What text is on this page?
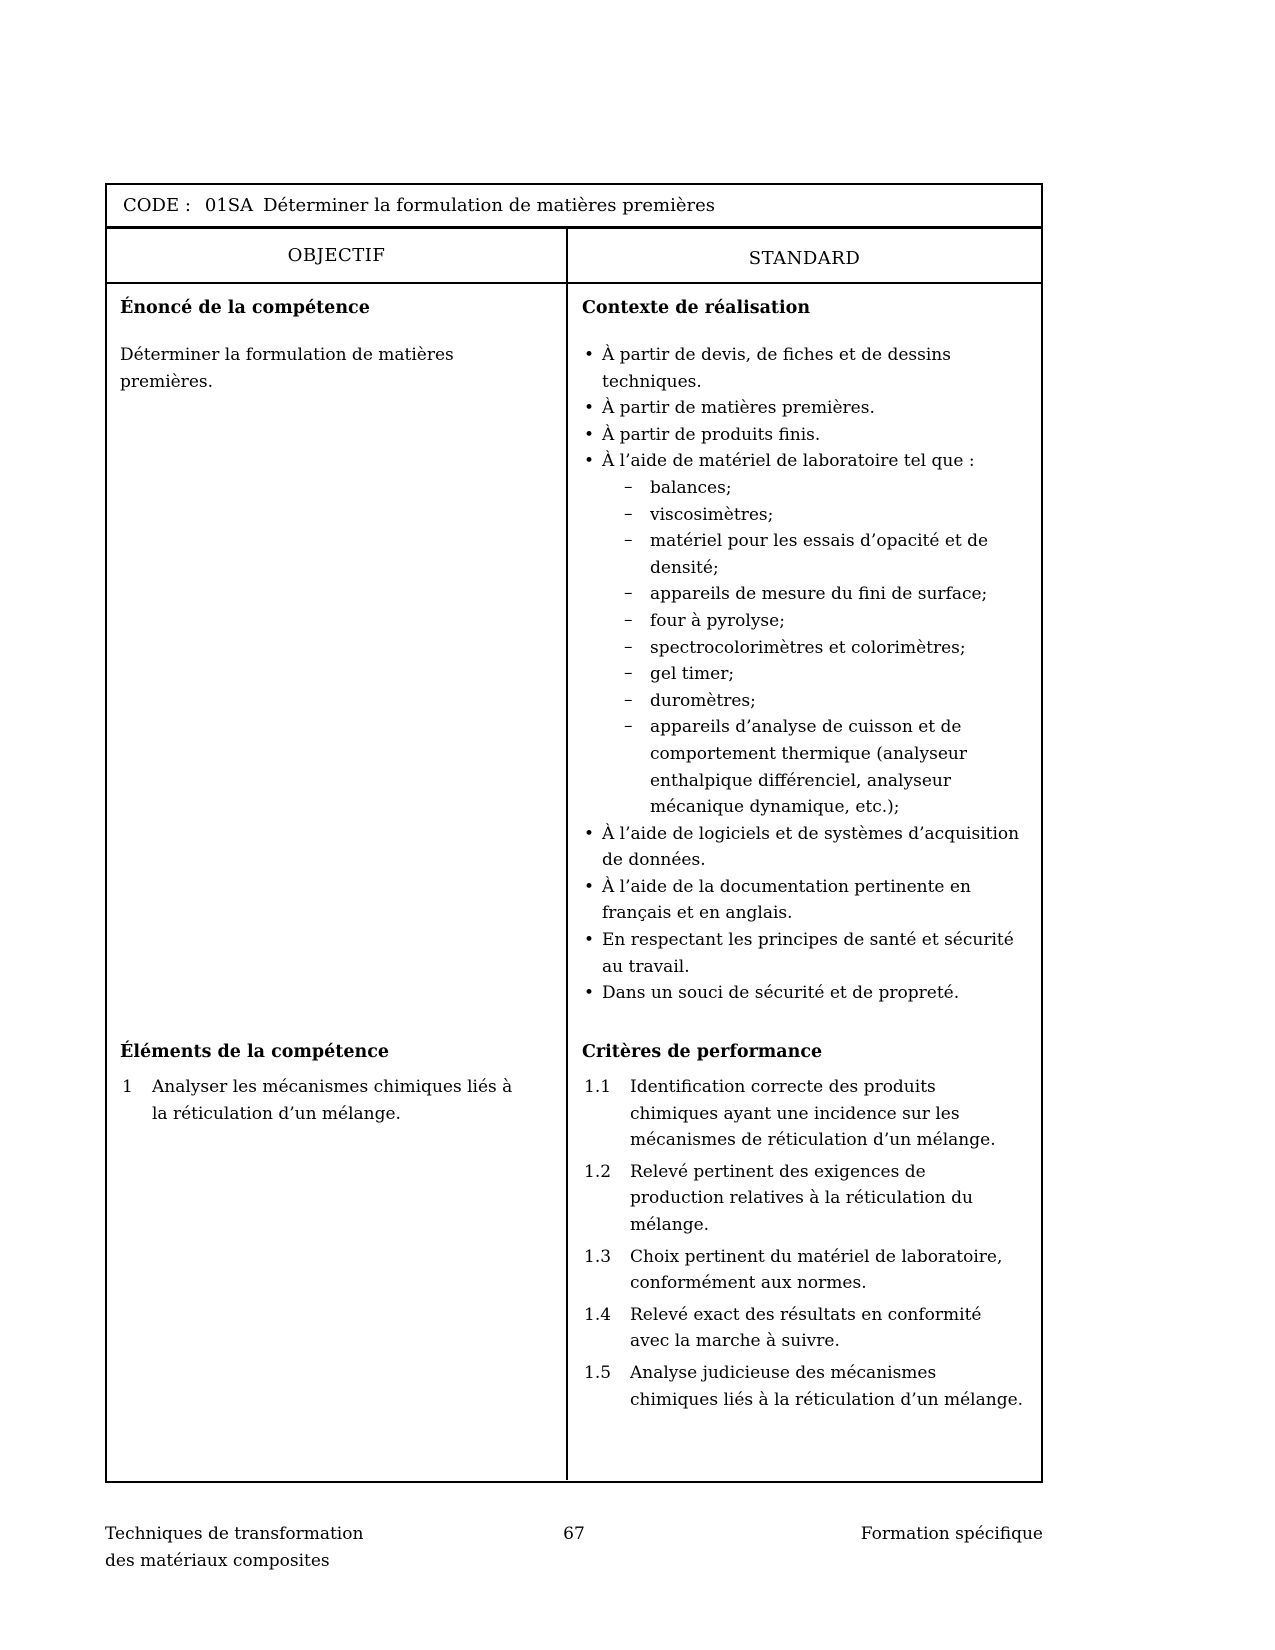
CODE : 01SA Déterminer la formulation de matières premières
OBJECTIF	STANDARD
Énoncé de la compétence
Déterminer la formulation de matières premières.
Éléments de la compétence
1 Analyser les mécanismes chimiques liés à la réticulation d’un mélange.
Contexte de réalisation
• À partir de devis, de fiches et de dessins techniques.
• À partir de matières premières.
• À partir de produits finis.
• À l’aide de matériel de laboratoire tel que :
– balances;
– viscosimètres;
– matériel pour les essais d’opacité et de densité;
– appareils de mesure du fini de surface;
– four à pyrolyse;
– spectrocolorimètres et colorimètres;
– gel timer;
– duromètres;
– appareils d’analyse de cuisson et de comportement thermique (analyseur enthalpique différenciel, analyseur mécanique dynamique, etc.);
• À l’aide de logiciels et de systèmes d’acquisition de données.
• À l’aide de la documentation pertinente en français et en anglais.
• En respectant les principes de santé et sécurité au travail.
• Dans un souci de sécurité et de propreté.
Critères de performance
1.1 Identification correcte des produits chimiques ayant une incidence sur les mécanismes de réticulation d’un mélange.
1.2 Relevé pertinent des exigences de production relatives à la réticulation du mélange.
1.3 Choix pertinent du matériel de laboratoire, conformément aux normes.
1.4 Relevé exact des résultats en conformité avec la marche à suivre.
1.5 Analyse judicieuse des mécanismes chimiques liés à la réticulation d’un mélange.
Techniques de transformation
des matériaux composites
67	Formation spécifique
